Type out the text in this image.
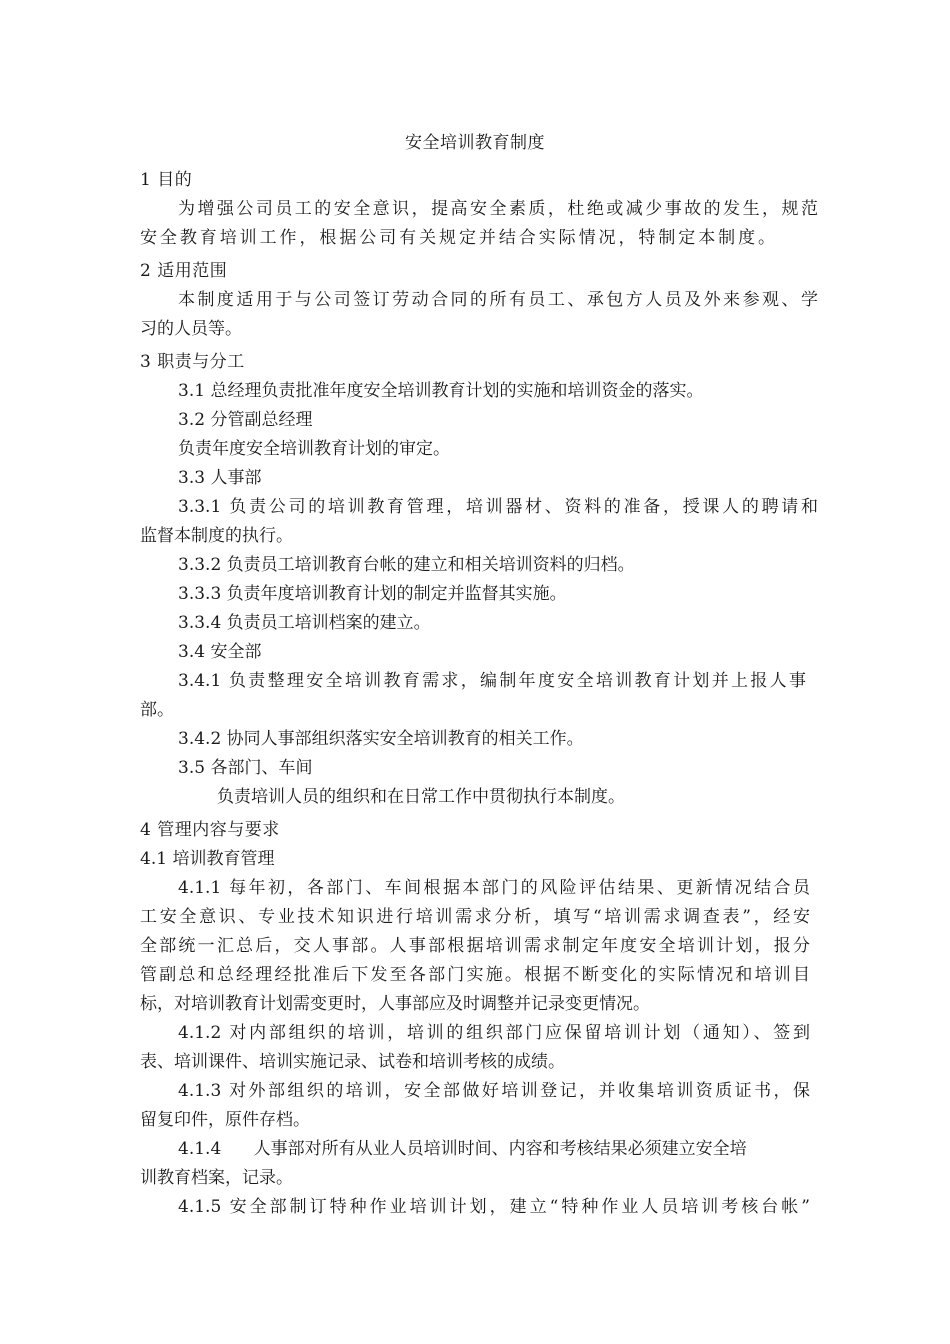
安全培训教育制度
1 目的
为增强公司员工的安全意识，提高安全素质，杜绝或减少事故的发生，规范
安全教育培训工作，根据公司有关规定并结合实际情况，特制定本制度。
2 适用范围
本制度适用于与公司签订劳动合同的所有员工、承包方人员及外来参观、学
习的人员等。
3 职责与分工
3.1 总经理负责批准年度安全培训教育计划的实施和培训资金的落实。
3.2 分管副总经理
负责年度安全培训教育计划的审定。
3.3 人事部
3.3.1 负责公司的培训教育管理，培训器材、资料的准备，授课人的聘请和
监督本制度的执行。
3.3.2 负责员工培训教育台帐的建立和相关培训资料的归档。
3.3.3 负责年度培训教育计划的制定并监督其实施。
3.3.4 负责员工培训档案的建立。
3.4 安全部
3.4.1 负责整理安全培训教育需求，编制年度安全培训教育计划并上报人事
部。
3.4.2 协同人事部组织落实安全培训教育的相关工作。
3.5 各部门、车间
负责培训人员的组织和在日常工作中贯彻执行本制度。
4 管理内容与要求
4.1 培训教育管理
4.1.1 每年初，各部门、车间根据本部门的风险评估结果、更新情况结合员
工安全意识、专业技术知识进行培训需求分析，填写“培训需求调查表”，经安
全部统一汇总后，交人事部。人事部根据培训需求制定年度安全培训计划，报分
管副总和总经理经批准后下发至各部门实施。根据不断变化的实际情况和培训目
标，对培训教育计划需变更时，人事部应及时调整并记录变更情况。
4.1.2 对内部组织的培训，培训的组织部门应保留培训计划（通知）、签到
表、培训课件、培训实施记录、试卷和培训考核的成绩。
4.1.3 对外部组织的培训，安全部做好培训登记，并收集培训资质证书，保
留复印件，原件存档。
4.1.4      人事部对所有从业人员培训时间、内容和考核结果必须建立安全培
训教育档案，记录。
4.1.5 安全部制订特种作业培训计划，建立“特种作业人员培训考核台帐”
